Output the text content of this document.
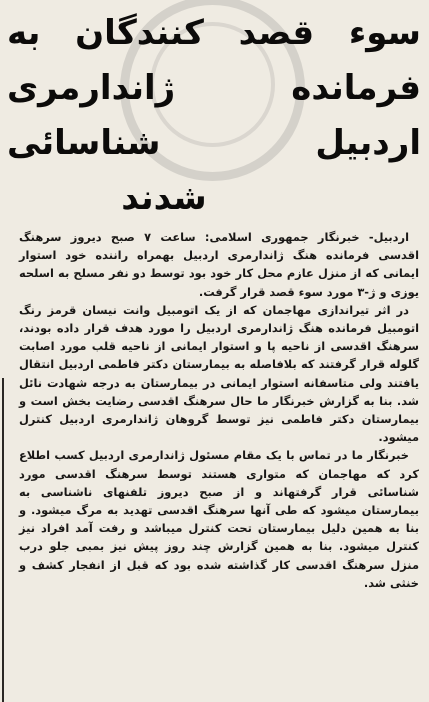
سوء قصد کنندگان به
فرمانده ژاندارمری
اردبیل شناسائی
شدند

اردبیل- خبرنگار جمهوری اسلامی: ساعت ۷ صبح دیروز سرهنگ اقدسی فرمانده هنگ ژاندارمری اردبیل بهمراه راننده خود استوار ایمانی که از منزل عازم محل کار خود بود توسط دو نفر مسلح به اسلحه یوزی و ژ-۳ مورد سوء قصد قرار گرفت.

در اثر تیراندازی مهاجمان که از یک اتومبیل وانت نیسان قرمز رنگ اتومبیل فرمانده هنگ ژاندارمری اردبیل را مورد هدف قرار داده بودند، سرهنگ اقدسی از ناحیه پا و استوار ایمانی از ناحیه قلب مورد اصابت گلوله قرار گرفتند که بلافاصله به بیمارستان دکتر فاطمی اردبیل انتقال یافتند ولی متاسفانه استوار ایمانی در بیمارستان به درجه شهادت نائل شد. بنا به گزارش خبرنگار ما حال سرهنگ اقدسی رضایت بخش است و بیمارستان دکتر فاطمی نیز توسط گروهان ژاندارمری اردبیل کنترل میشود.

خبرنگار ما در تماس با یک مقام مسئول ژاندارمری اردبیل کسب اطلاع کرد که مهاجمان که متواری هستند توسط سرهنگ اقدسی مورد شناسائی قرار گرفتهاند و از صبح دیروز تلفنهای ناشناسی به بیمارستان میشود که طی آنها سرهنگ اقدسی تهدید به مرگ میشود. و بنا به همین دلیل بیمارستان تحت کنترل میباشد و رفت آمد افراد نیز کنترل میشود. بنا به همین گزارش چند روز پیش نیز بمبی جلو درب منزل سرهنگ اقدسی کار گذاشته شده بود که قبل از انفجار کشف و خنثی شد.
